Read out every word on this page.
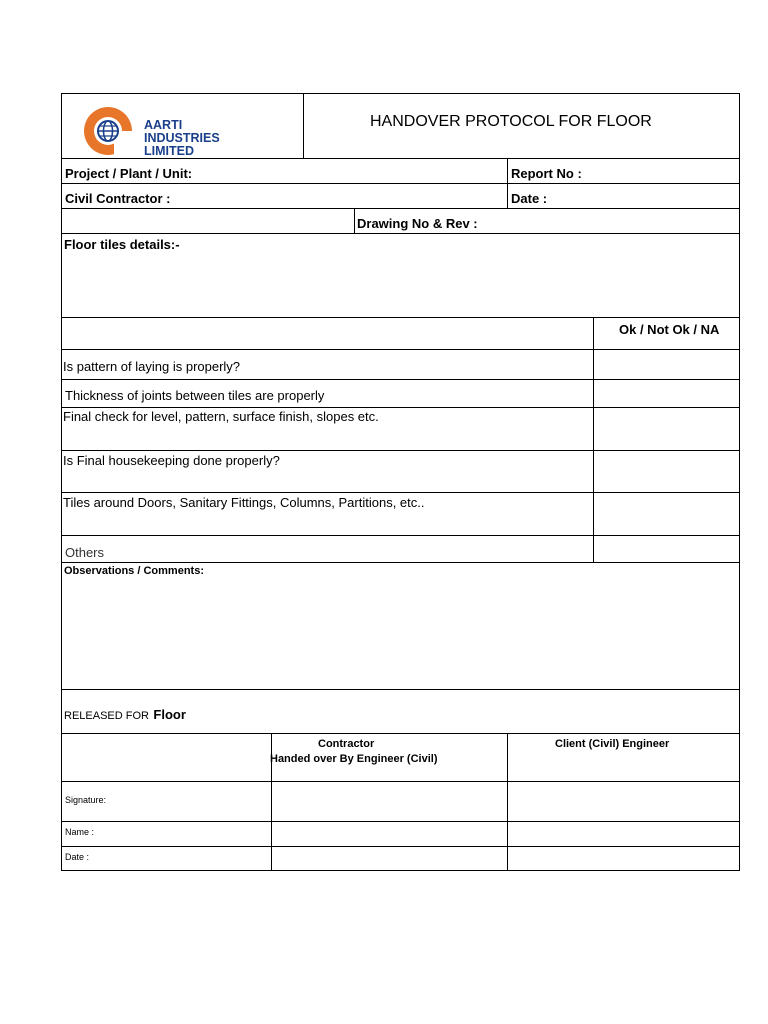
AARTI
INDUSTRIES
LIMITED
HANDOVER PROTOCOL FOR FLOOR
Project / Plant / Unit:	Report No :
Civil Contractor :	Date :
Drawing No & Rev :
Floor tiles details:-
Ok / Not Ok / NA
Is pattern of laying is properly?
Thickness of joints between tiles are properly
Final check for level, pattern, surface finish, slopes etc.
Is Final housekeeping done properly?
Tiles around Doors, Sanitary Fittings, Columns, Partitions, etc..
Others
Observations / Comments:
RELEASED FOR Floor
Contractor
Handed over By Engineer (Civil)
Client (Civil) Engineer
Signature:
Name :
Date :
